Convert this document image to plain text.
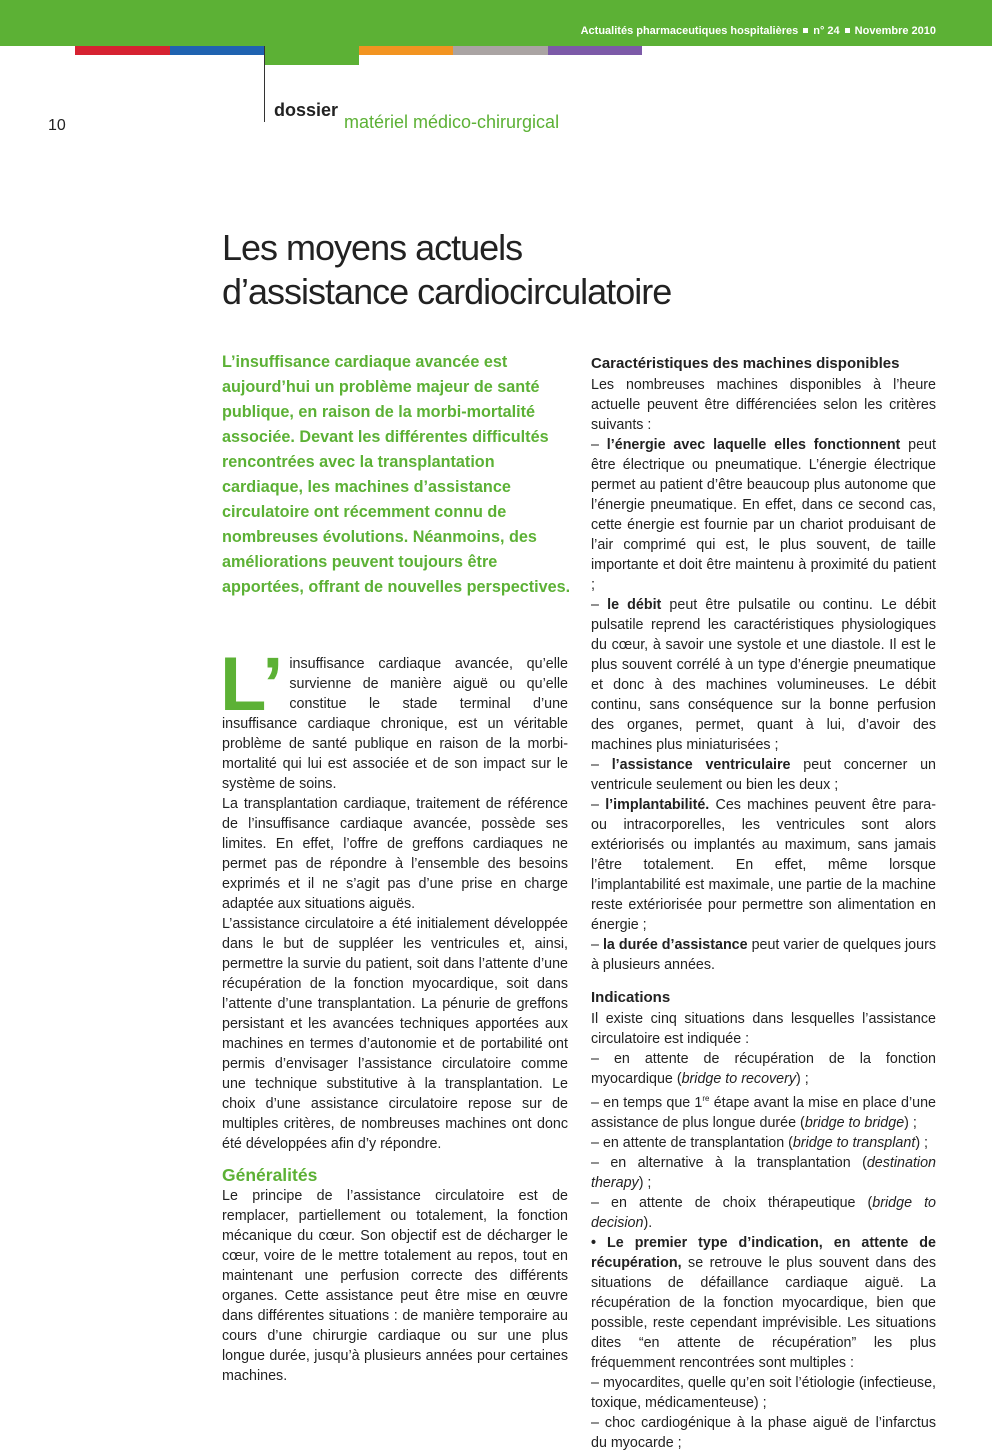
Actualités pharmaceutiques hospitalières n° 24 Novembre 2010
10
dossier
matériel médico-chirurgical
Les moyens actuels
d’assistance cardiocirculatoire
L’insuffisance cardiaque avancée est aujourd’hui un problème majeur de santé publique, en raison de la morbi-mortalité associée. Devant les différentes difficultés rencontrées avec la transplantation cardiaque, les machines d’assistance circulatoire ont récemment connu de nombreuses évolutions. Néanmoins, des améliorations peuvent toujours être apportées, offrant de nouvelles perspectives.

L’ insuffisance cardiaque avancée, qu’elle survienne de manière aiguë ou qu’elle constitue le stade terminal d’une insuffisance cardiaque chronique, est un véritable problème de santé publique en raison de la morbi-mortalité qui lui est associée et de son impact sur le système de soins.

La transplantation cardiaque, traitement de référence de l’insuffisance cardiaque avancée, possède ses limites. En effet, l’offre de greffons cardiaques ne permet pas de répondre à l’ensemble des besoins exprimés et il ne s’agit pas d’une prise en charge adaptée aux situations aiguës.

L’assistance circulatoire a été initialement développée dans le but de suppléer les ventricules et, ainsi, permettre la survie du patient, soit dans l’attente d’une récupération de la fonction myocardique, soit dans l’attente d’une transplantation. La pénurie de greffons persistant et les avancées techniques apportées aux machines en termes d’autonomie et de portabilité ont permis d’envisager l’assistance circulatoire comme une technique substitutive à la transplantation. Le choix d’une assistance circulatoire repose sur de multiples critères, de nombreuses machines ont donc été développées afin d’y répondre.

Généralités

Le principe de l’assistance circulatoire est de remplacer, partiellement ou totalement, la fonction mécanique du cœur. Son objectif est de décharger le cœur, voire de le mettre totalement au repos, tout en maintenant une perfusion correcte des différents organes. Cette assistance peut être mise en œuvre dans différentes situations : de manière temporaire au cours d’une chirurgie cardiaque ou sur une plus longue durée, jusqu’à plusieurs années pour certaines machines.

Caractéristiques des machines disponibles

Les nombreuses machines disponibles à l’heure actuelle peuvent être différenciées selon les critères suivants :

– l’énergie avec laquelle elles fonctionnent peut être électrique ou pneumatique. L’énergie électrique permet au patient d’être beaucoup plus autonome que l’énergie pneumatique. En effet, dans ce second cas, cette énergie est fournie par un chariot produisant de l’air comprimé qui est, le plus souvent, de taille importante et doit être maintenu à proximité du patient ;

– le débit peut être pulsatile ou continu. Le débit pulsatile reprend les caractéristiques physiologiques du cœur, à savoir une systole et une diastole. Il est le plus souvent corrélé à un type d’énergie pneumatique et donc à des machines volumineuses. Le débit continu, sans conséquence sur la bonne perfusion des organes, permet, quant à lui, d’avoir des machines plus miniaturisées ;

– l’assistance ventriculaire peut concerner un ventricule seulement ou bien les deux ;

– l’implantabilité. Ces machines peuvent être para- ou intracorporelles, les ventricules sont alors extériorisés ou implantés au maximum, sans jamais l’être totalement. En effet, même lorsque l’implantabilité est maximale, une partie de la machine reste extériorisée pour permettre son alimentation en énergie ;

– la durée d’assistance peut varier de quelques jours à plusieurs années.

Indications

Il existe cinq situations dans lesquelles l’assistance circulatoire est indiquée :

– en attente de récupération de la fonction myocardique (bridge to recovery) ;

– en temps que 1re étape avant la mise en place d’une assistance de plus longue durée (bridge to bridge) ;

– en attente de transplantation (bridge to transplant) ;

– en alternative à la transplantation (destination therapy) ;

– en attente de choix thérapeutique (bridge to decision).

• Le premier type d’indication, en attente de récupération, se retrouve le plus souvent dans des situations de défaillance cardiaque aiguë. La récupération de la fonction myocardique, bien que possible, reste cependant imprévisible. Les situations dites “en attente de récupération” les plus fréquemment rencontrées sont multiples :

– myocardites, quelle qu’en soit l’étiologie (infectieuse, toxique, médicamenteuse) ;

– choc cardiogénique à la phase aiguë de l’infarctus du myocarde ;
